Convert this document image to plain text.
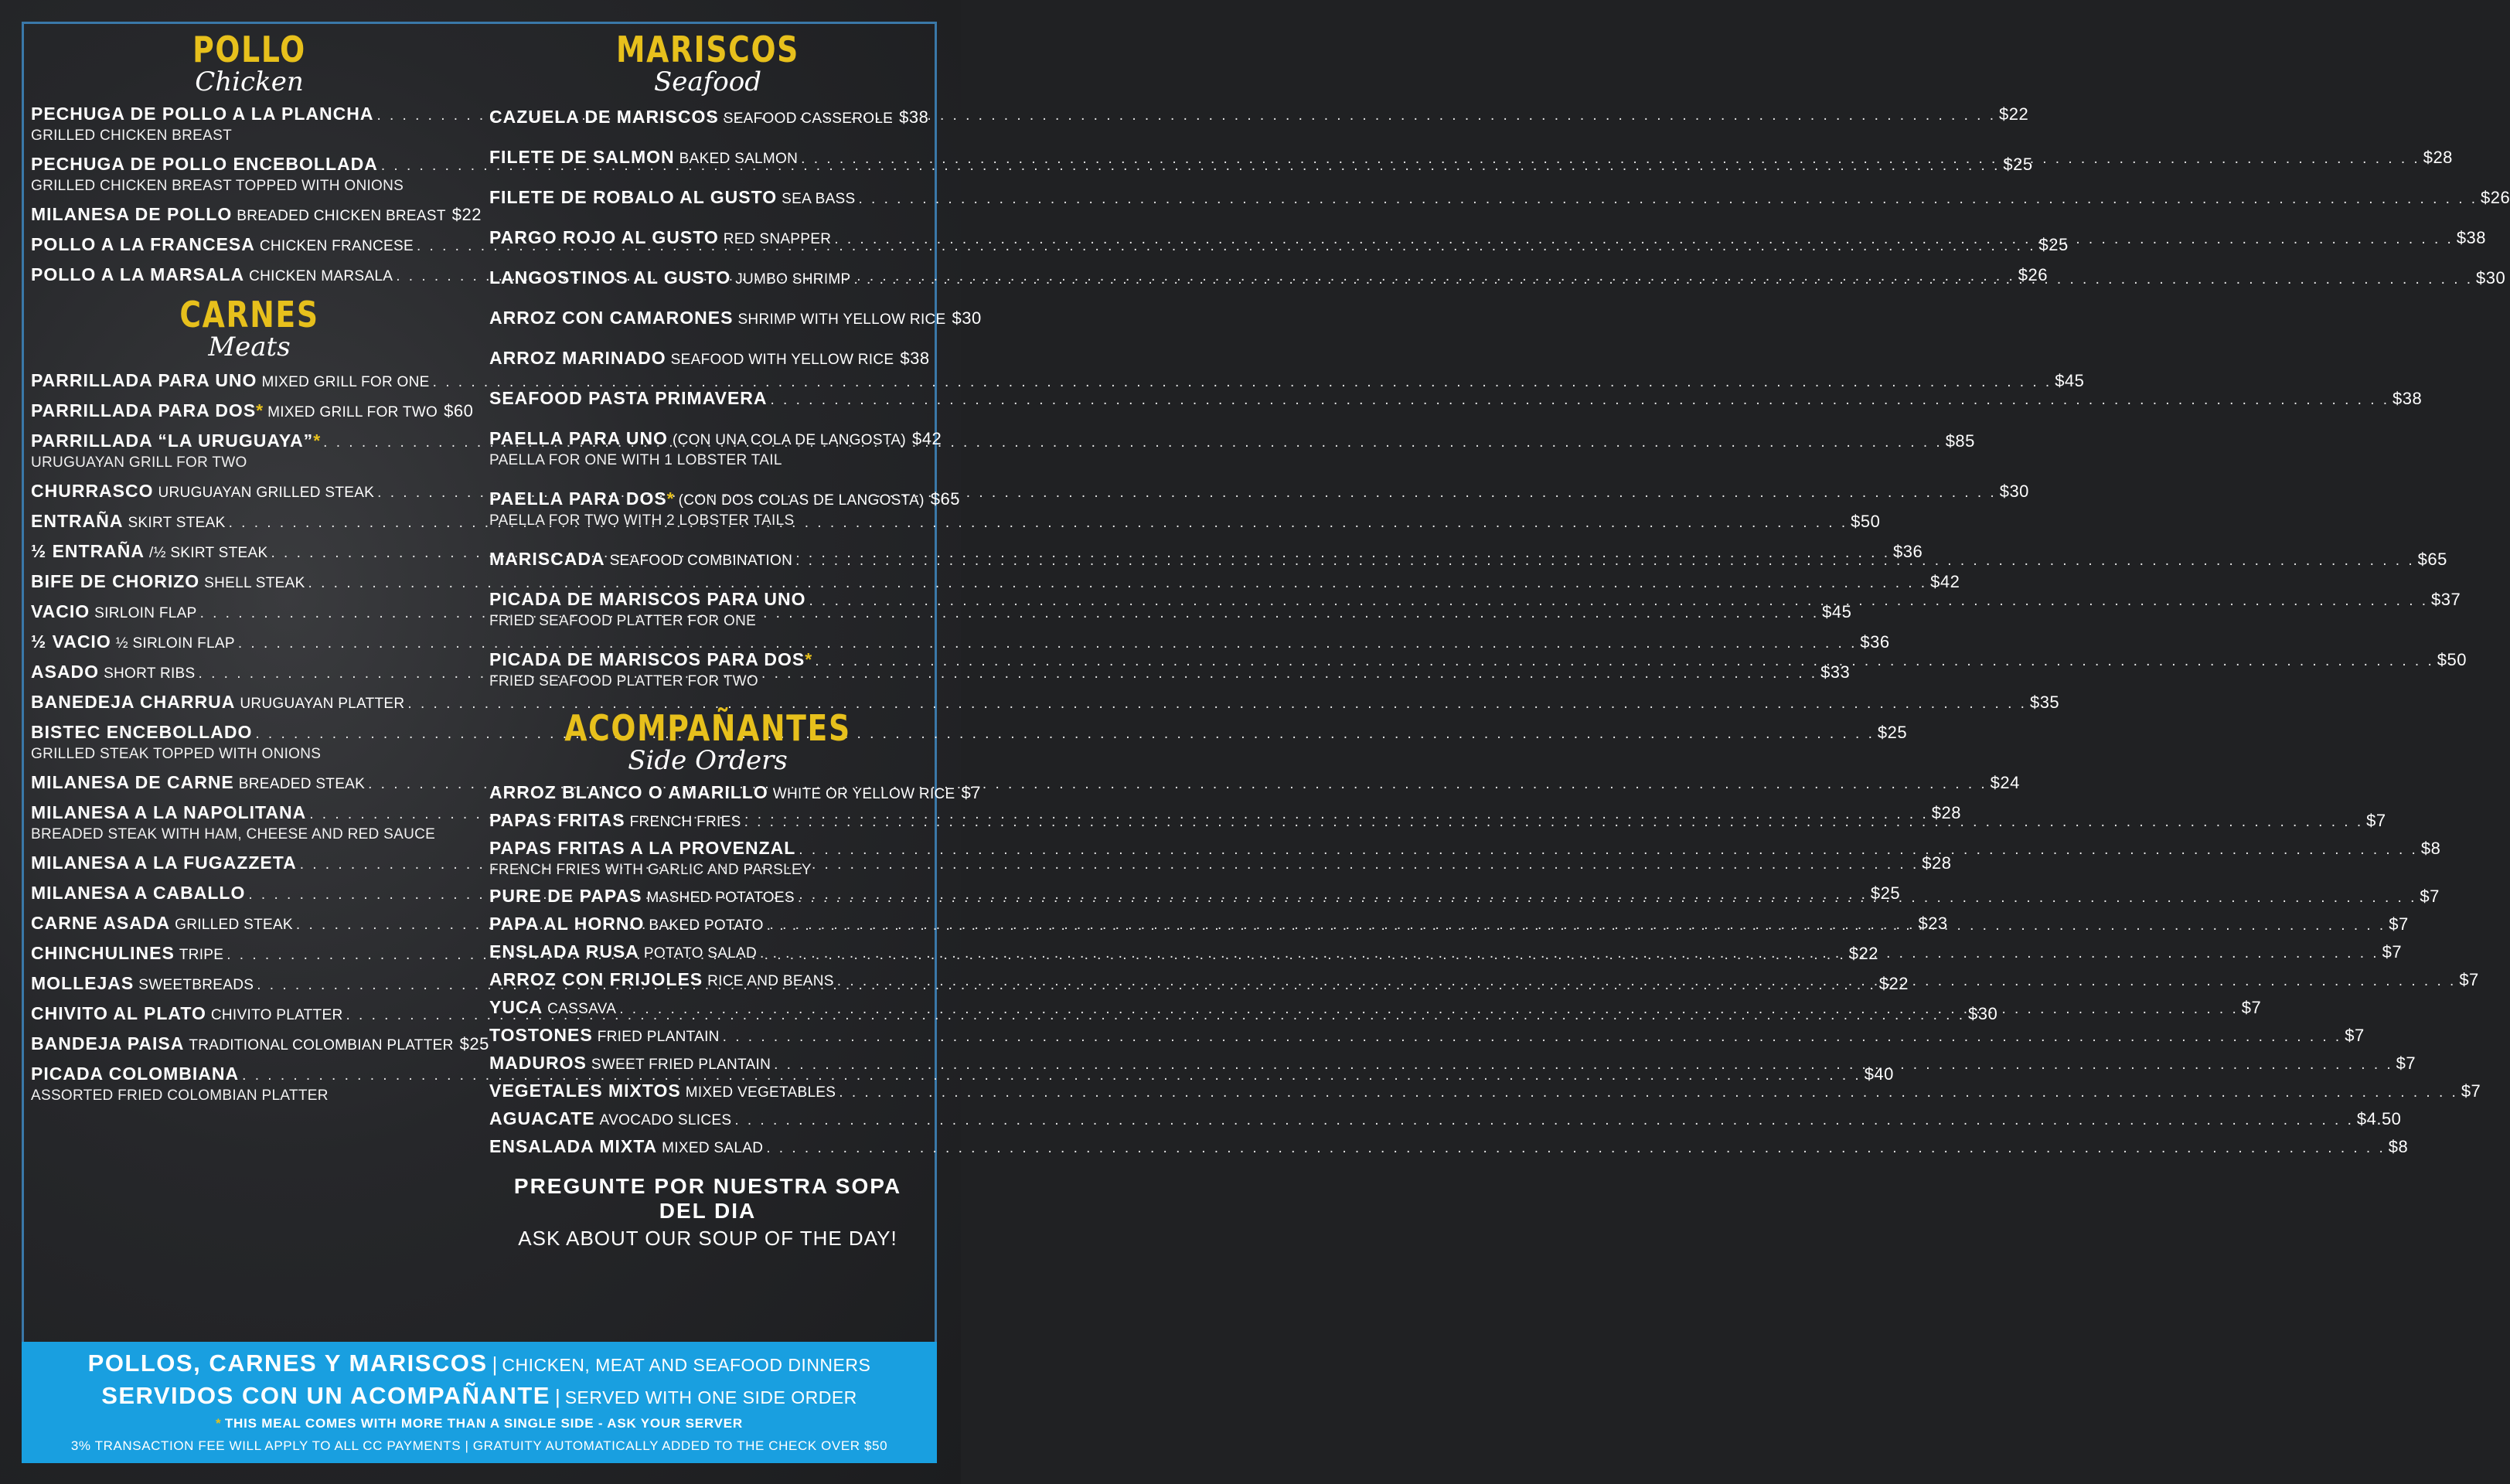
POLLO
Chicken
PECHUGA DE POLLO A LA PLANCHA . . .	$22
GRILLED CHICKEN BREAST
PECHUGA DE POLLO ENCEBOLLADA . . .	$25
GRILLED CHICKEN BREAST TOPPED WITH ONIONS
MILANESA DE POLLO BREADED CHICKEN BREAST $22
POLLO A LA FRANCESA CHICKEN FRANCESE . . .	$25
POLLO A LA MARSALA CHICKEN MARSALA . . .	$26
CARNES
Meats
PARRILLADA PARA UNO MIXED GRILL FOR ONE . . .	$45
PARRILLADA PARA DOS * MIXED GRILL FOR TWO $60
PARRILLADA “LA URUGUAYA” * . . .	$85
URUGUAYAN GRILL FOR TWO
CHURRASCO URUGUAYAN GRILLED STEAK . . .	$30
ENTRAÑA SKIRT STEAK . . .	$50
½ ENTRAÑA /½ SKIRT STEAK . . .	$36
BIFE DE CHORIZO SHELL STEAK . . .	$42
VACIO SIRLOIN FLAP . . .	$45
½ VACIO ½ SIRLOIN FLAP . . .	$36
ASADO SHORT RIBS . . .	$33
BANEDEJA CHARRUA URUGUAYAN PLATTER . . .	$35
BISTEC ENCEBOLLADO . . .	$25
GRILLED STEAK TOPPED WITH ONIONS
MILANESA DE CARNE BREADED STEAK . . .	$24
MILANESA A LA NAPOLITANA . . .	$28
BREADED STEAK WITH HAM, CHEESE AND RED SAUCE
MILANESA A LA FUGAZZETA . . .	$28
MILANESA A CABALLO . . .	$25
CARNE ASADA GRILLED STEAK . . .	$23
CHINCHULINES TRIPE . . .	$22
MOLLEJAS SWEETBREADS . . .	$22
CHIVITO AL PLATO CHIVITO PLATTER . . .	$30
BANDEJA PAISA TRADITIONAL COLOMBIAN PLATTER $25
PICADA COLOMBIANA . . .	$40
ASSORTED FRIED COLOMBIAN PLATTER
MARISCOS
Seafood
CAZUELA DE MARISCOS SEAFOOD CASSEROLE $38
FILETE DE SALMON BAKED SALMON . . .	$28
FILETE DE ROBALO AL GUSTO SEA BASS . . .	$26
PARGO ROJO AL GUSTO RED SNAPPER . . .	$38
LANGOSTINOS AL GUSTO JUMBO SHRIMP . . .	$30
ARROZ CON CAMARONES SHRIMP WITH YELLOW RICE $30
ARROZ MARINADO SEAFOOD WITH YELLOW RICE $38
SEAFOOD PASTA PRIMAVERA . . .	$38
PAELLA PARA UNO (CON UNA COLA DE LANGOSTA) $42
PAELLA FOR ONE WITH 1 LOBSTER TAIL
PAELLA PARA DOS * (CON DOS COLAS DE LANGOSTA) $65
PAELLA FOR TWO WITH 2 LOBSTER TAILS
MARISCADA SEAFOOD COMBINATION . . .	$65
PICADA DE MARISCOS PARA UNO . . .	$37
FRIED SEAFOOD PLATTER FOR ONE
PICADA DE MARISCOS PARA DOS * . . .	$50
FRIED SEAFOOD PLATTER FOR TWO
ACOMPAÑANTES
Side Orders
ARROZ BLANCO O AMARILLO WHITE OR YELLOW RICE $7
PAPAS FRITAS FRENCH FRIES . . .	$7
PAPAS FRITAS A LA PROVENZAL . . .	$8
FRENCH FRIES WITH GARLIC AND PARSLEY
PURE DE PAPAS MASHED POTATOES . . .	$7
PAPA AL HORNO BAKED POTATO . . .	$7
ENSLADA RUSA POTATO SALAD . . .	$7
ARROZ CON FRIJOLES RICE AND BEANS . . .	$7
YUCA CASSAVA . . .	$7
TOSTONES FRIED PLANTAIN . . .	$7
MADUROS SWEET FRIED PLANTAIN . . .	$7
VEGETALES MIXTOS MIXED VEGETABLES . . .	$7
AGUACATE AVOCADO SLICES . . .	$4.50
ENSALADA MIXTA MIXED SALAD . . .	$8
PREGUNTE POR NUESTRA SOPA DEL DIA
ASK ABOUT OUR SOUP OF THE DAY!
POLLOS, CARNES Y MARISCOS | CHICKEN, MEAT AND SEAFOOD DINNERS
SERVIDOS CON UN ACOMPAÑANTE | SERVED WITH ONE SIDE ORDER
* THIS MEAL COMES WITH MORE THAN A SINGLE SIDE - ASK YOUR SERVER
3% TRANSACTION FEE WILL APPLY TO ALL CC PAYMENTS | GRATUITY AUTOMATICALLY ADDED TO THE CHECK OVER $50
